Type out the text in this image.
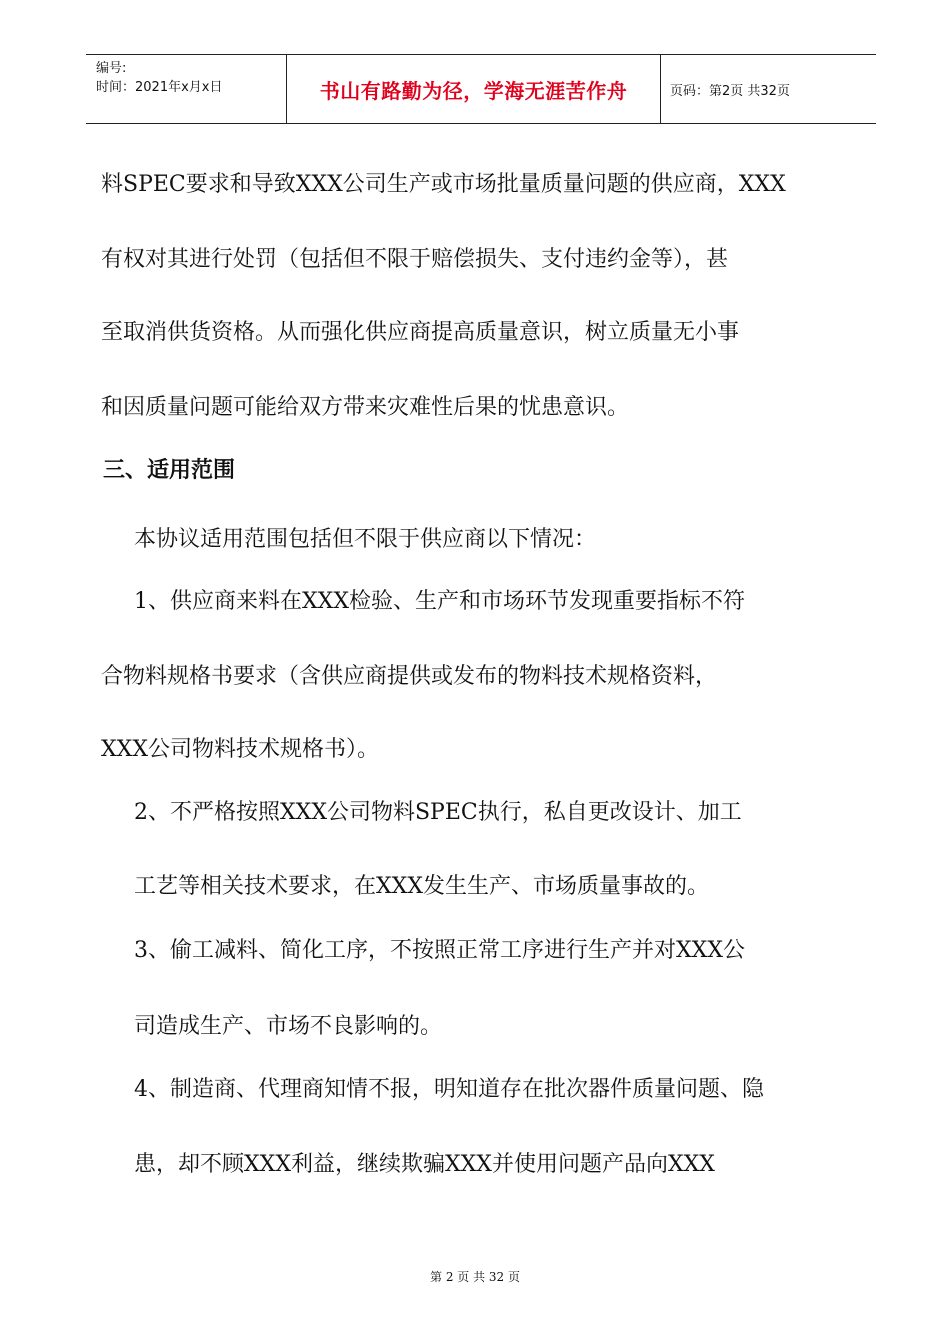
编号:
时间：2021年x月x日	书山有路勤为径，学海无涯苦作舟	页码：第2页 共32页
料SPEC要求和导致XXX公司生产或市场批量质量问题的供应商，XXX
有权对其进行处罚（包括但不限于赔偿损失、支付违约金等），甚
至取消供货资格。从而强化供应商提高质量意识，树立质量无小事
和因质量问题可能给双方带来灾难性后果的忧患意识。
三、适用范围
本协议适用范围包括但不限于供应商以下情况：
1、供应商来料在XXX检验、生产和市场环节发现重要指标不符
合物料规格书要求（含供应商提供或发布的物料技术规格资料，
XXX公司物料技术规格书）。
2、不严格按照XXX公司物料SPEC执行，私自更改设计、加工
工艺等相关技术要求，在XXX发生生产、市场质量事故的。
3、偷工减料、简化工序，不按照正常工序进行生产并对XXX公
司造成生产、市场不良影响的。
4、制造商、代理商知情不报，明知道存在批次器件质量问题、隐
患，却不顾XXX利益，继续欺骗XXX并使用问题产品向XXX
第 2 页 共 32 页
